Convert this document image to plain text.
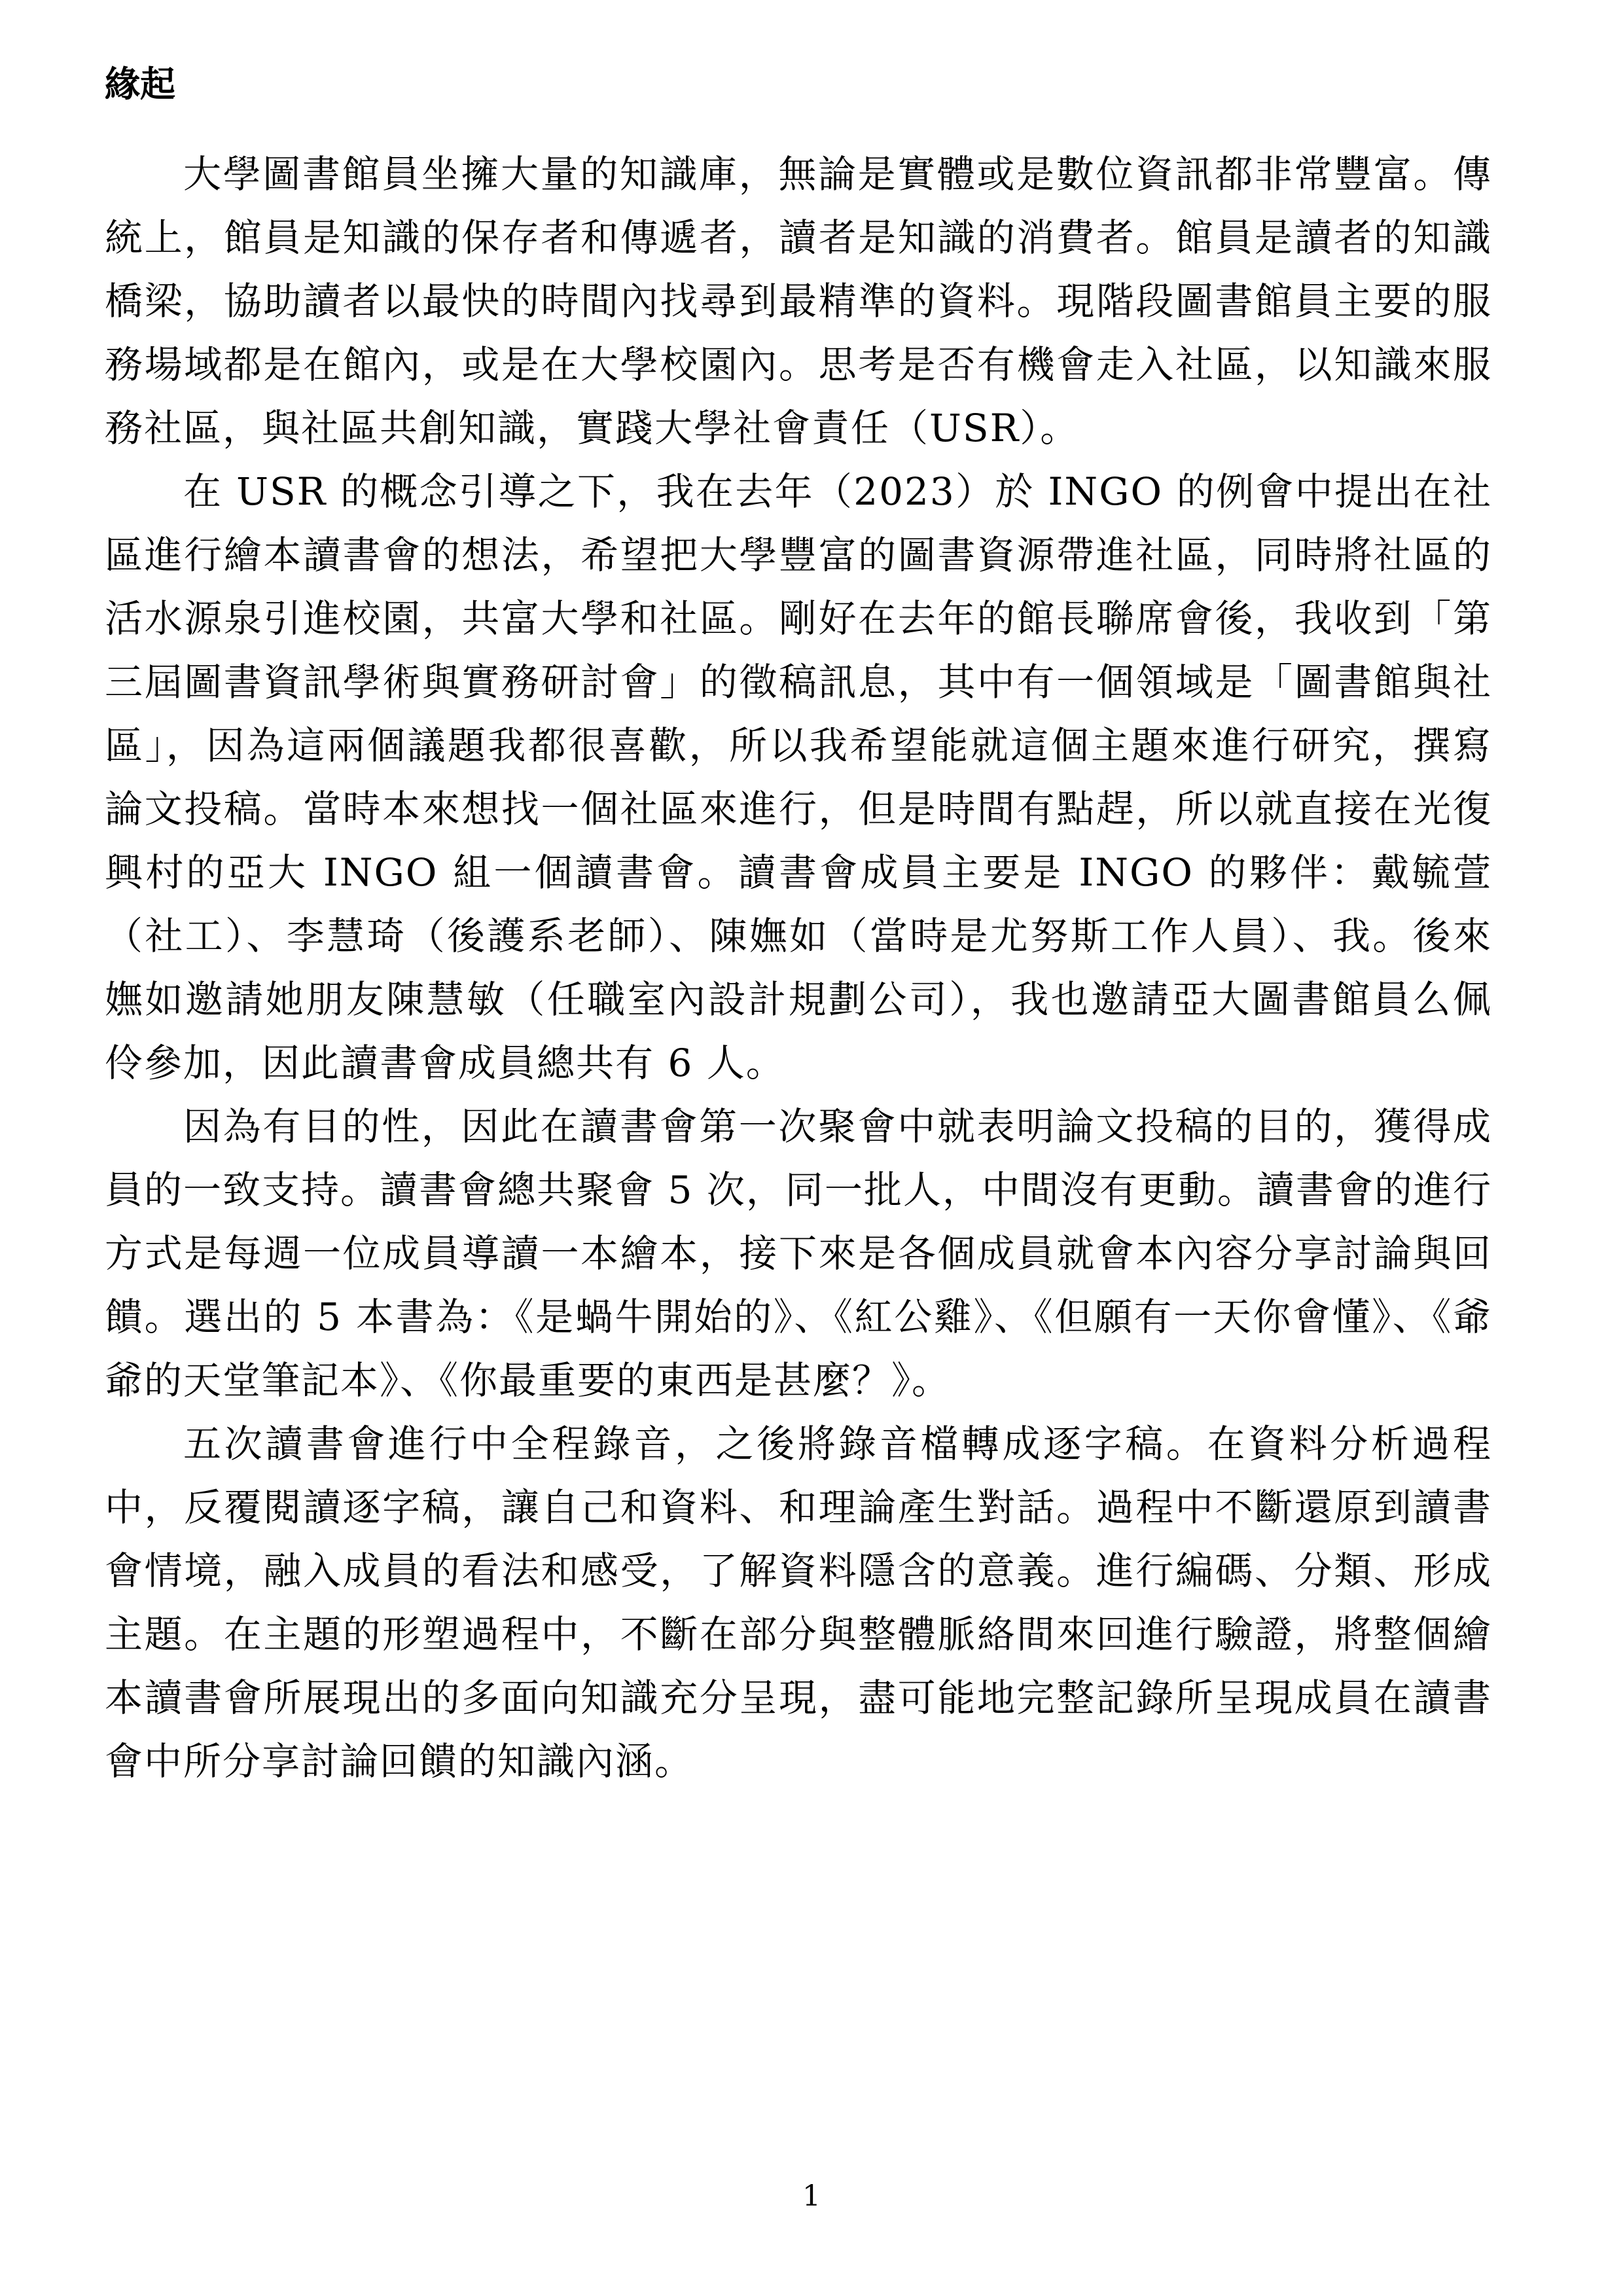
緣起

大學圖書館員坐擁大量的知識庫，無論是實體或是數位資訊都非常豐富。傳統上，館員是知識的保存者和傳遞者，讀者是知識的消費者。館員是讀者的知識橋梁，協助讀者以最快的時間內找尋到最精準的資料。現階段圖書館員主要的服務場域都是在館內，或是在大學校園內。思考是否有機會走入社區，以知識來服務社區，與社區共創知識，實踐大學社會責任（USR）。

在 USR 的概念引導之下，我在去年（2023）於 INGO 的例會中提出在社區進行繪本讀書會的想法，希望把大學豐富的圖書資源帶進社區，同時將社區的活水源泉引進校園，共富大學和社區。剛好在去年的館長聯席會後，我收到「第三屆圖書資訊學術與實務研討會」的徵稿訊息，其中有一個領域是「圖書館與社區」，因為這兩個議題我都很喜歡，所以我希望能就這個主題來進行研究，撰寫論文投稿。當時本來想找一個社區來進行，但是時間有點趕，所以就直接在光復興村的亞大 INGO 組一個讀書會。讀書會成員主要是 INGO 的夥伴：戴毓萱（社工）、李慧琦（後護系老師）、陳嫵如（當時是尤努斯工作人員）、我。後來嫵如邀請她朋友陳慧敏（任職室內設計規劃公司），我也邀請亞大圖書館員么佩伶參加，因此讀書會成員總共有 6 人。

因為有目的性，因此在讀書會第一次聚會中就表明論文投稿的目的，獲得成員的一致支持。讀書會總共聚會 5 次，同一批人，中間沒有更動。讀書會的進行方式是每週一位成員導讀一本繪本，接下來是各個成員就會本內容分享討論與回饋。選出的 5 本書為：《是蝸牛開始的》、《紅公雞》、《但願有一天你會懂》、《爺爺的天堂筆記本》、《你最重要的東西是甚麼？》。

五次讀書會進行中全程錄音，之後將錄音檔轉成逐字稿。在資料分析過程中，反覆閱讀逐字稿，讓自己和資料、和理論產生對話。過程中不斷還原到讀書會情境，融入成員的看法和感受，了解資料隱含的意義。進行編碼、分類、形成主題。在主題的形塑過程中，不斷在部分與整體脈絡間來回進行驗證，將整個繪本讀書會所展現出的多面向知識充分呈現，盡可能地完整記錄所呈現成員在讀書會中所分享討論回饋的知識內涵。

1
